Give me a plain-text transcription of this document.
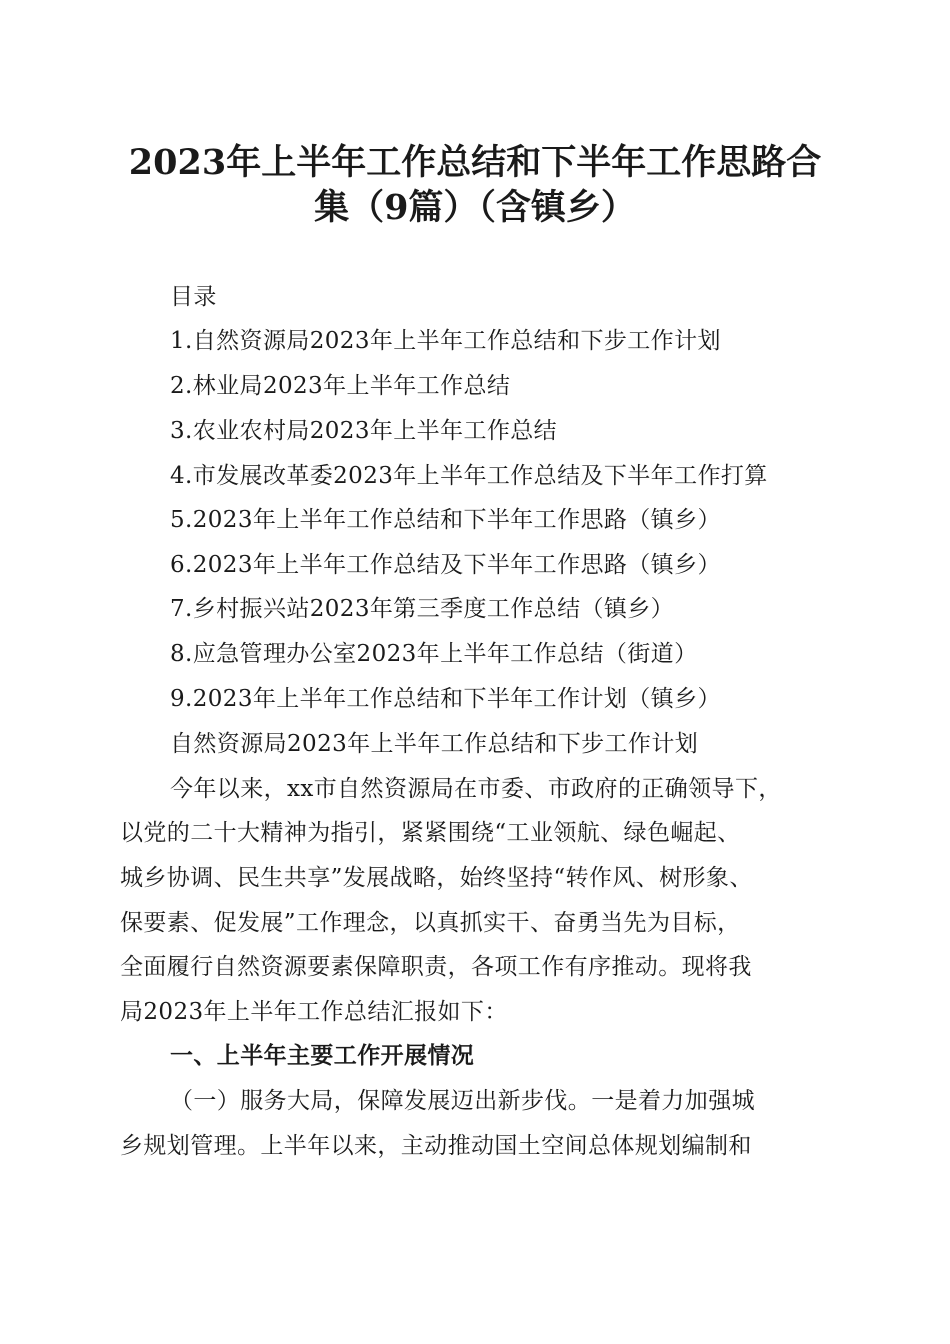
2023年上半年工作总结和下半年工作思路合
集（9篇）（含镇乡）
目录
1.自然资源局2023年上半年工作总结和下步工作计划
2.林业局2023年上半年工作总结
3.农业农村局2023年上半年工作总结
4.市发展改革委2023年上半年工作总结及下半年工作打算
5.2023年上半年工作总结和下半年工作思路（镇乡）
6.2023年上半年工作总结及下半年工作思路（镇乡）
7.乡村振兴站2023年第三季度工作总结（镇乡）
8.应急管理办公室2023年上半年工作总结（街道）
9.2023年上半年工作总结和下半年工作计划（镇乡）
自然资源局2023年上半年工作总结和下步工作计划
今年以来，xx市自然资源局在市委、市政府的正确领导下，
以党的二十大精神为指引，紧紧围绕“工业领航、绿色崛起、
城乡协调、民生共享”发展战略，始终坚持“转作风、树形象、
保要素、促发展”工作理念，以真抓实干、奋勇当先为目标，
全面履行自然资源要素保障职责，各项工作有序推动。现将我
局2023年上半年工作总结汇报如下：
一、上半年主要工作开展情况
（一）服务大局，保障发展迈出新步伐。一是着力加强城
乡规划管理。上半年以来，主动推动国土空间总体规划编制和
